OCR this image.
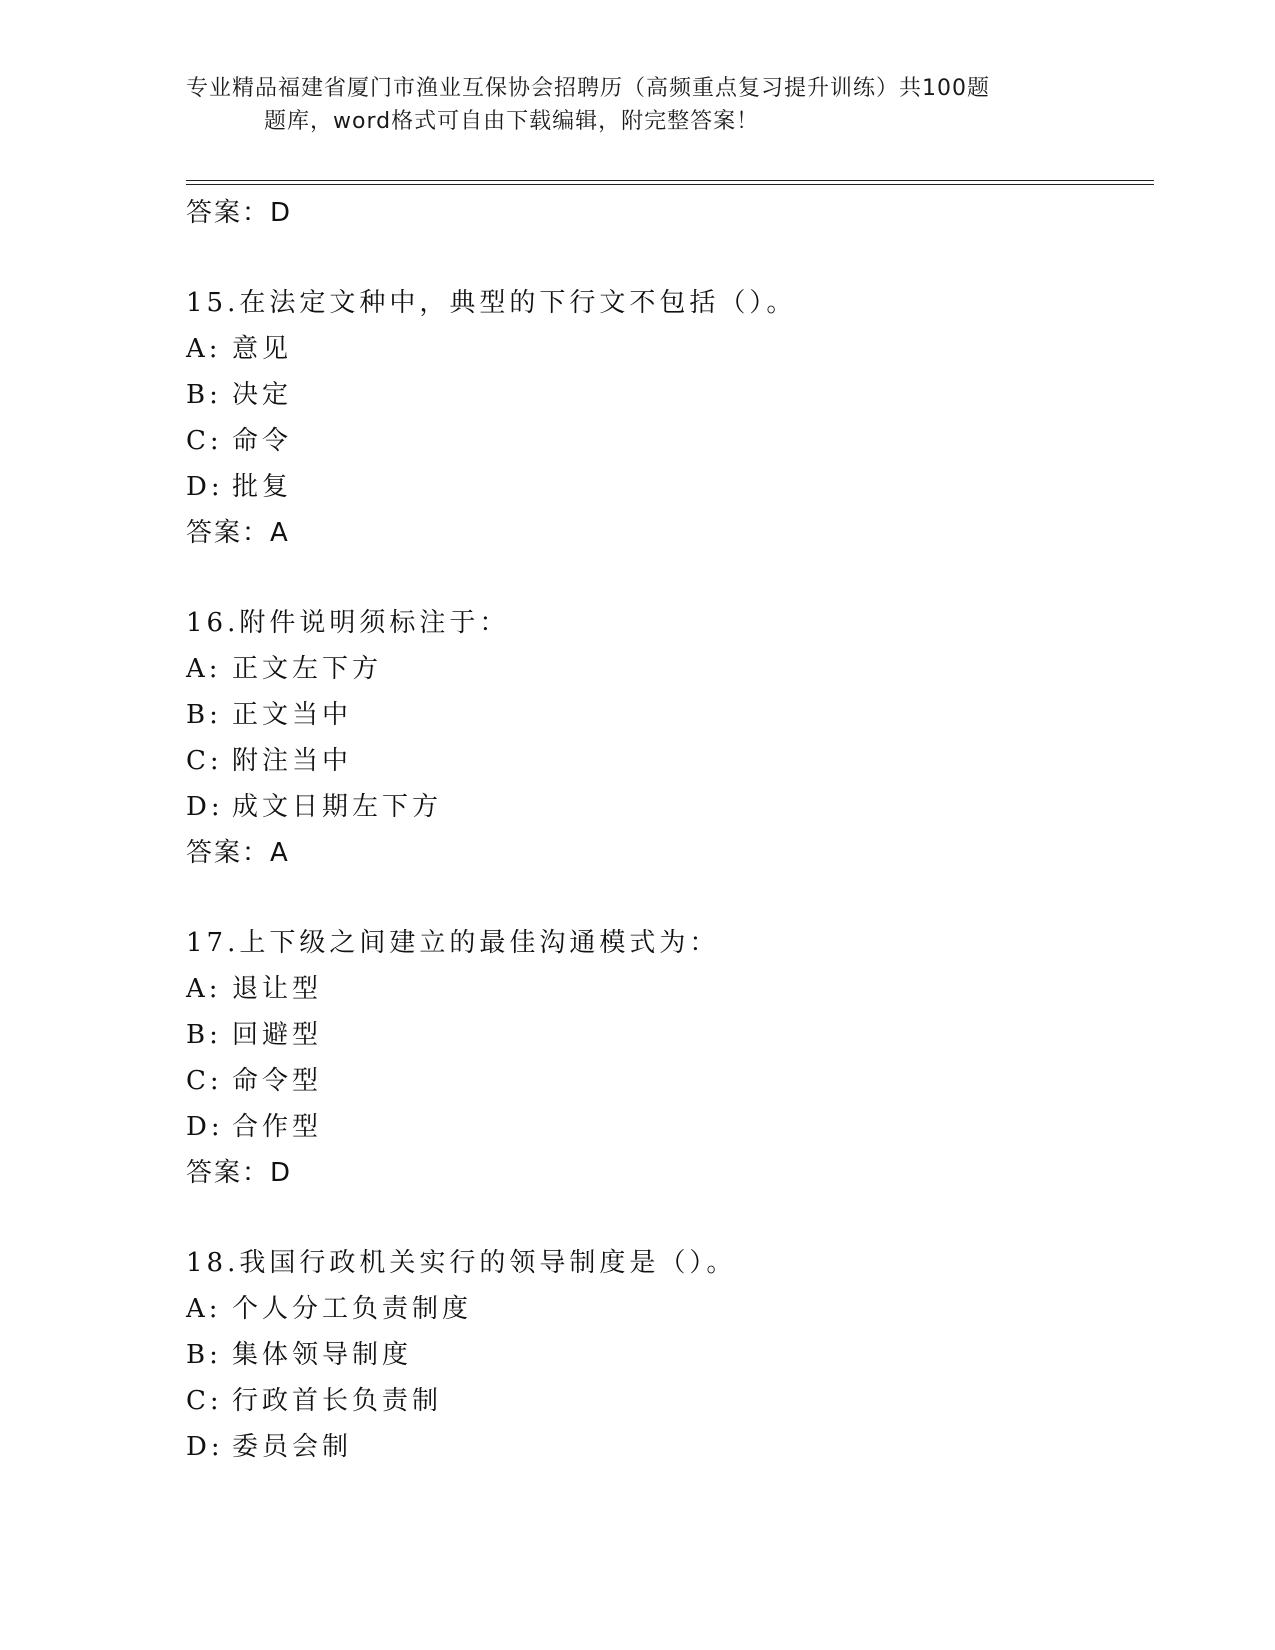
专业精品福建省厦门市渔业互保协会招聘历（高频重点复习提升训练）共100题
题库，word格式可自由下载编辑，附完整答案！
答案：D
15.在法定文种中，典型的下行文不包括（）。
A: 意见
B: 决定
C: 命令
D: 批复
答案：A
16.附件说明须标注于：
A: 正文左下方
B: 正文当中
C: 附注当中
D: 成文日期左下方
答案：A
17.上下级之间建立的最佳沟通模式为：
A: 退让型
B: 回避型
C: 命令型
D: 合作型
答案：D
18.我国行政机关实行的领导制度是（）。
A: 个人分工负责制度
B: 集体领导制度
C: 行政首长负责制
D: 委员会制
